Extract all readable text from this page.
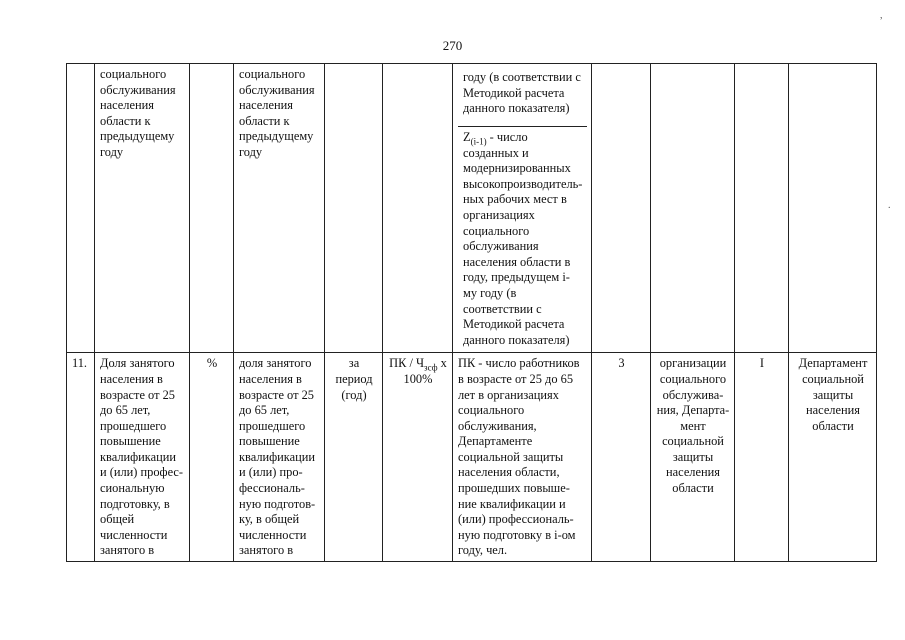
270
	социального обслуживания населения области к предыдущему году		социального обслуживания населения области к предыдущему году			году (в соответствии с Методикой расчета данного показателя)
$Z_{(i-1)}$ - число созданных и модернизированных высокопроизводитель-ных рабочих мест в организациях социального обслуживания населения области в году, предыдущем i-му году (в соответствии с Методикой расчета данного показателя)				

11.	Доля занятого населения в возрасте от 25 до 65 лет, прошедшего повышение квалификации и (или) профес-сиональную подготовку, в общей численности занятого в	%	доля занятого населения в возрасте от 25 до 65 лет, прошедшего повышение квалификации и (или) про-фессиональ-ную подготов-ку, в общей численности занятого в	за период (год)	ПК / $Ч_{зсф}$ х 100%	ПК - число работников в возрасте от 25 до 65 лет в организациях социального обслуживания, Департаменте социальной защиты населения области, прошедших повыше-ние квалификации и (или) профессиональ-ную подготовку в i-ом году, чел.	3	организации социального обслужива-ния, Департа-мент социальной защиты населения области	I	Департамент социальной защиты населения области
,
.
